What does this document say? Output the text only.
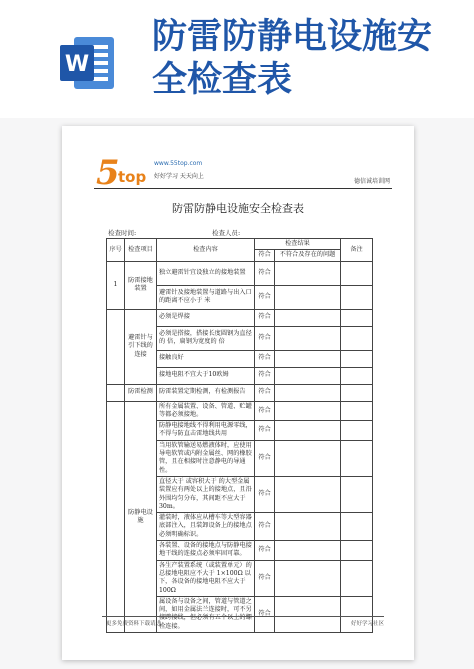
W
防雷防静电设施安全检查表
5
top
www.55top.com
好好学习 天天向上
德信诚培训网
防雷防静电设施安全检查表
检查时间:	检查人员:
序号	检查项目	检查内容	检查结果		备注
			符合	不符合及存在的问题	
1	防雷接地装置	独立避雷针宜设独立的接地装置	符合		
		避雷针及接地装置与道路与出入口的距离不应小于 米	符合		
	避雷针与引下线的连接	必须是焊接	符合		
		必须是搭接，搭接长度圆钢为直径的 倍，扁钢为宽度的 倍	符合		
		接触良好	符合		
		接地电阻不宜大于10欧姆	符合		
	防雷检测	防雷装置定期检测，有检测报告	符合		
	防静电设施	所有金属装置、设备、管道、贮罐等都必须接地。	符合		
		防静电接地线不得利用电源零线，不得与防直击雷地线共用	符合		
		当用软管输送易燃液体时，应使用导电软管或内附金属丝、网的橡胶管，且在相接时注意静电的导通性。	符合		
		直径大于 或容积大于 的大型金属装置应有两处以上的接地点，且沿外围均匀分布，其间距不应大于30m。	符合		
		灌装时，液体应从槽车等大型容器底部注入，且装卸设备上的接地点必须明确标识。	符合		
		各装置、设备的接地点与防静电接地干线的连接点必须牢固可靠。	符合		
		各生产装置系统（或装置单元）的总接地电阻应不大于 1×100Ω 以下，各设备的接地电阻不应大于 100Ω	符合		
		属设备与设备之间，管道与管道之间，如用金属法兰连接时，可不另接跨接线，但必须有五个以上的螺栓连接。	符合		
更多免费资料下载请进：	好好学习社区
